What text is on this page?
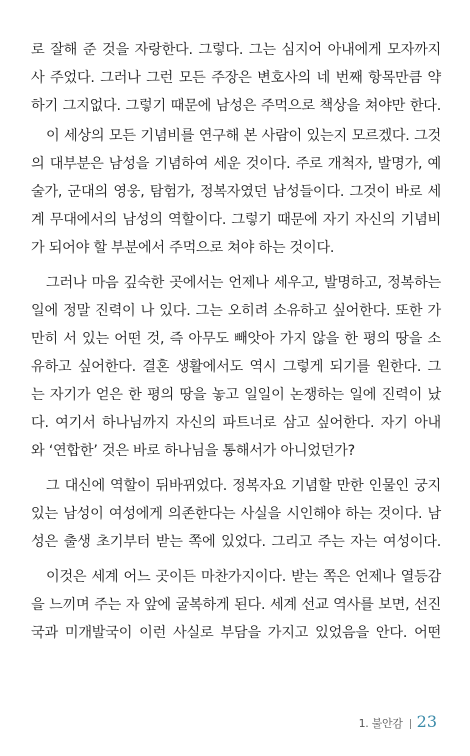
로 잘해 준 것을 자랑한다. 그렇다. 그는 심지어 아내에게 모자까지
사 주었다. 그러나 그런 모든 주장은 변호사의 네 번째 항목만큼 약
하기 그지없다. 그렇기 때문에 남성은 주먹으로 책상을 쳐야만 한다.
이 세상의 모든 기념비를 연구해 본 사람이 있는지 모르겠다. 그것
의 대부분은 남성을 기념하여 세운 것이다. 주로 개척자, 발명가, 예
술가, 군대의 영웅, 탐험가, 정복자였던 남성들이다. 그것이 바로 세
계 무대에서의 남성의 역할이다. 그렇기 때문에 자기 자신의 기념비
가 되어야 할 부분에서 주먹으로 쳐야 하는 것이다.
그러나 마음 깊숙한 곳에서는 언제나 세우고, 발명하고, 정복하는
일에 정말 진력이 나 있다. 그는 오히려 소유하고 싶어한다. 또한 가
만히 서 있는 어떤 것, 즉 아무도 빼앗아 가지 않을 한 평의 땅을 소
유하고 싶어한다. 결혼 생활에서도 역시 그렇게 되기를 원한다. 그
는 자기가 얻은 한 평의 땅을 놓고 일일이 논쟁하는 일에 진력이 났
다. 여기서 하나님까지 자신의 파트너로 삼고 싶어한다. 자기 아내
와 ‘연합한’ 것은 바로 하나님을 통해서가 아니었던가?
그 대신에 역할이 뒤바뀌었다. 정복자요 기념할 만한 인물인 궁지
있는 남성이 여성에게 의존한다는 사실을 시인해야 하는 것이다. 남
성은 출생 초기부터 받는 쪽에 있었다. 그리고 주는 자는 여성이다.
이것은 세계 어느 곳이든 마찬가지이다. 받는 쪽은 언제나 열등감
을 느끼며 주는 자 앞에 굴복하게 된다. 세계 선교 역사를 보면, 선진
국과 미개발국이 이런 사실로 부담을 가지고 있었음을 안다. 어떤
1. 불안감 23
